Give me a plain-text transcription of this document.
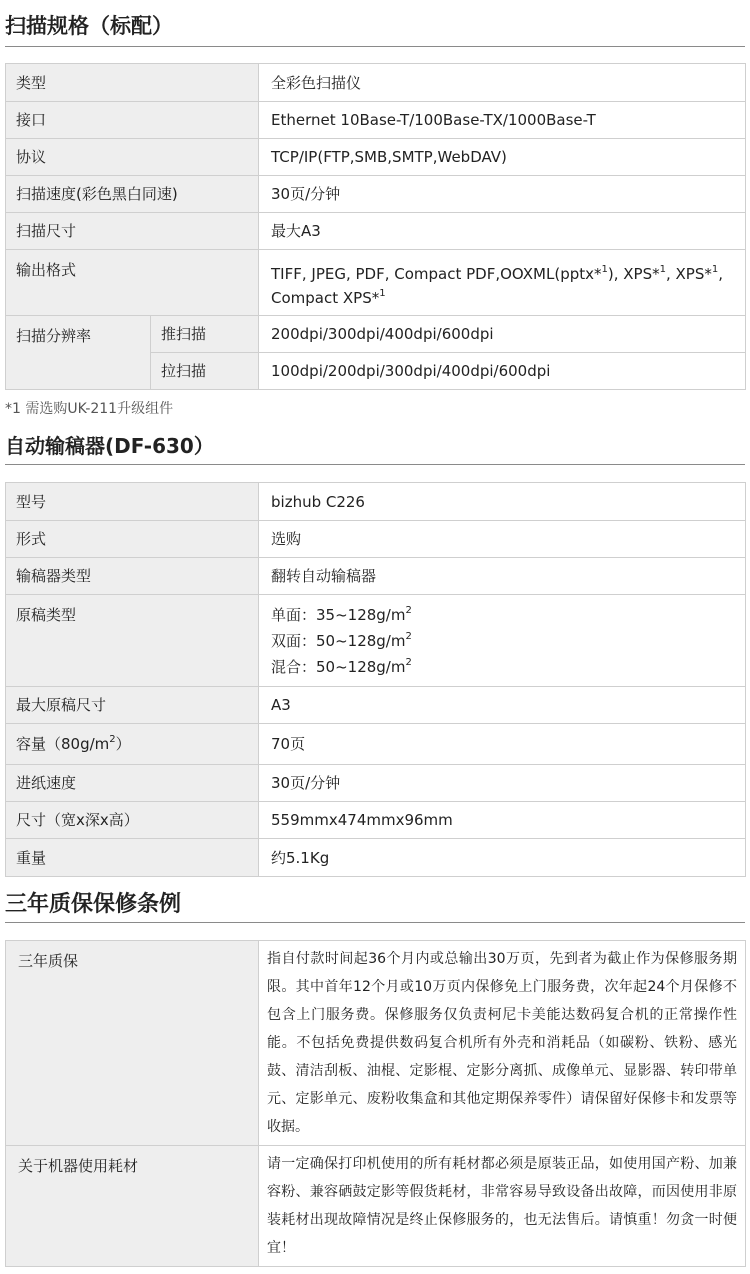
扫描规格（标配）
类型		全彩色扫描仪
接口		Ethernet 10Base-T/100Base-TX/1000Base-T
协议		TCP/IP(FTP,SMB,SMTP,WebDAV)
扫描速度(彩色黑白同速)		30页/分钟
扫描尺寸		最大A3
输出格式		TIFF, JPEG, PDF, Compact PDF,OOXML(pptx*$^1$), XPS*$^1$, XPS*$^1$,
Compact XPS*$^1$
扫描分辨率	推扫描	200dpi/300dpi/400dpi/600dpi
	拉扫描	100dpi/200dpi/300dpi/400dpi/600dpi
*1 需选购UK-211升级组件
自动输稿器(DF-630）
型号	bizhub C226
形式	选购
输稿器类型	翻转自动输稿器
原稿类型	单面：$35\sim 128g/m^2$
双面：$50\sim 128g/m^2$
混合：$50\sim 128g/m^2$
最大原稿尺寸	A3
容量$(80g/m^2)$	70页
进纸速度	30页/分钟
尺寸（宽x深x高）	559mmx474mmx96mm
重量	约5.1Kg
三年质保保修条例
三年质保	指自付款时间起36个月内或总输出30万页，先到者为截止作为保修服务期限。其中首年12个月或10万页内保修免上门服务费，次年起24个月保修不包含上门服务费。保修服务仅负责柯尼卡美能达数码复合机的正常操作性能。不包括免费提供数码复合机所有外壳和消耗品（如碳粉、铁粉、感光鼓、清洁刮板、油棍、定影棍、定影分离抓、成像单元、显影器、转印带单元、定影单元、废粉收集盒和其他定期保养零件）请保留好保修卡和发票等收据。
关于机器使用耗材	请一定确保打印机使用的所有耗材都必须是原装正品，如使用国产粉、加兼容粉、兼容硒鼓定影等假货耗材，非常容易导致设备出故障，而因使用非原装耗材出现故障情况是终止保修服务的，也无法售后。请慎重！勿贪一时便宜！
